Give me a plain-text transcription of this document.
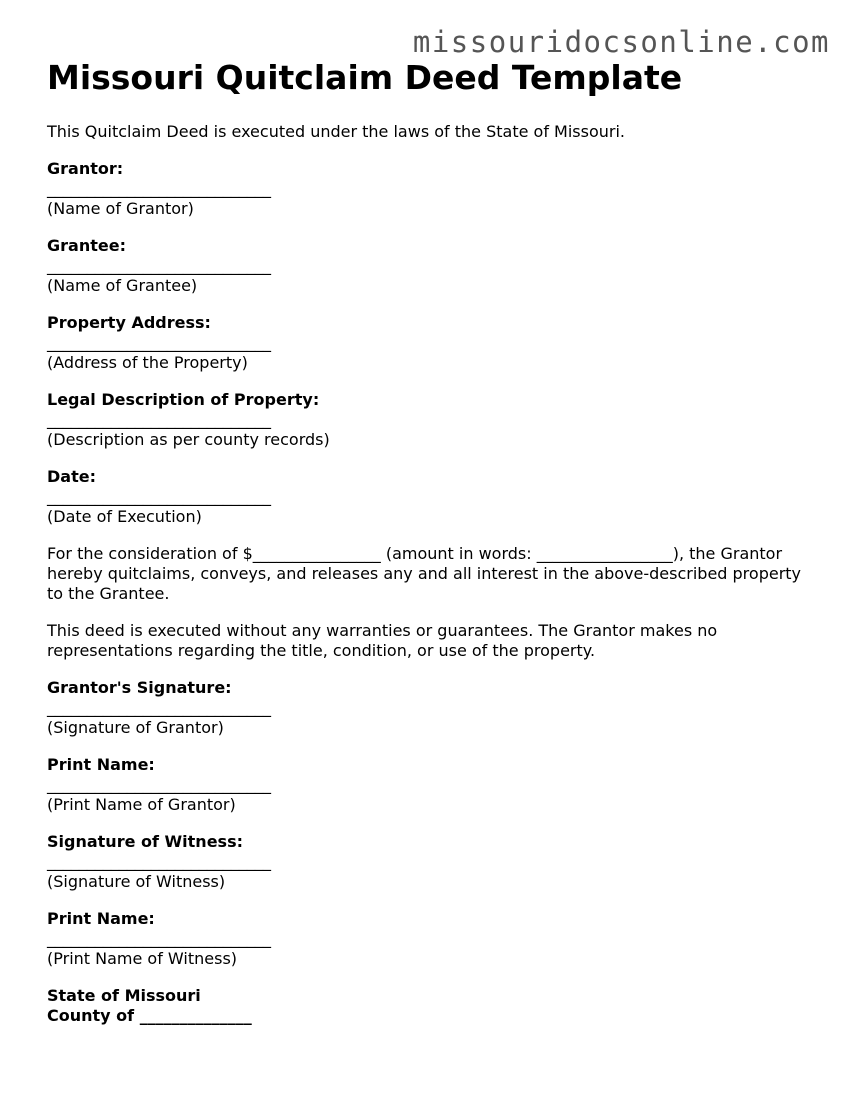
missouridocsonline.com
Missouri Quitclaim Deed Template

This Quitclaim Deed is executed under the laws of the State of Missouri.

Grantor:
____________________________
(Name of Grantor)
Grantee:
____________________________
(Name of Grantee)
Property Address:
____________________________
(Address of the Property)
Legal Description of Property:
____________________________
(Description as per county records)
Date:
____________________________
(Date of Execution)

For the consideration of $________________ (amount in words: _________________), the Grantor hereby quitclaims, conveys, and releases any and all interest in the above-described property to the Grantee.

This deed is executed without any warranties or guarantees. The Grantor makes no representations regarding the title, condition, or use of the property.

Grantor's Signature:
____________________________
(Signature of Grantor)
Print Name:
____________________________
(Print Name of Grantor)
Signature of Witness:
____________________________
(Signature of Witness)
Print Name:
____________________________
(Print Name of Witness)
State of Missouri
County of ______________
